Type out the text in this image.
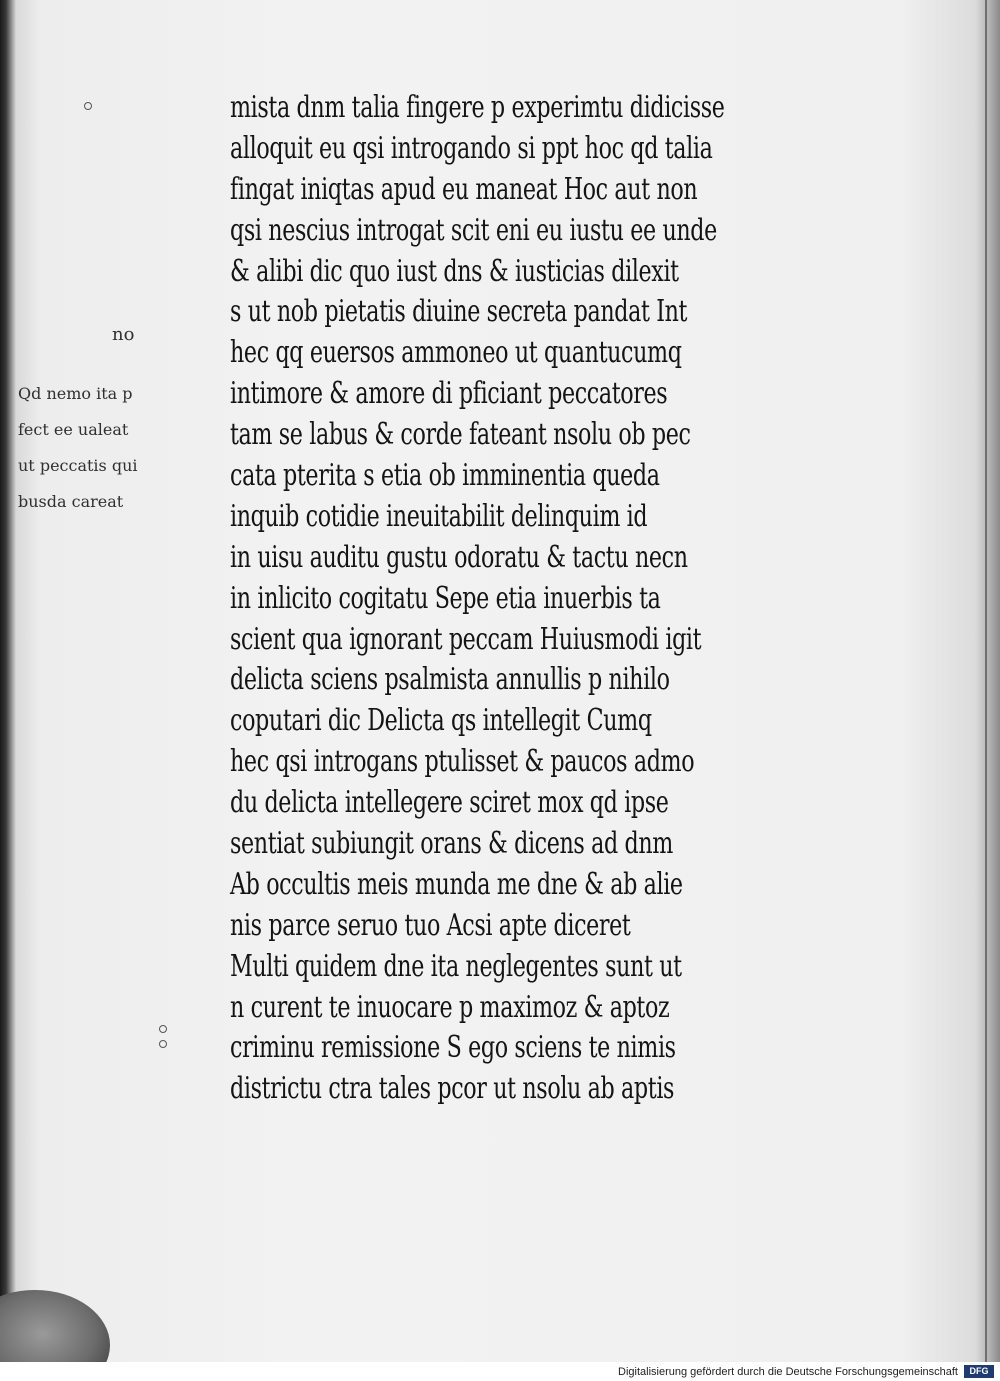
no
Qd nemo ita p
fect ee ualeat
ut peccatis qui
busda careat
mista dnm talia fingere p experimtu didicisse
alloquit eu qsi introgando si ppt hoc qd talia
fingat iniqtas apud eu maneat Hoc aut non
qsi nescius introgat scit eni eu iustu ee unde
& alibi dic quo iust dns & iusticias dilexit
s ut nob pietatis diuine secreta pandat Int
hec qq euersos ammoneo ut quantucumq
intimore & amore di pficiant peccatores
tam se labus & corde fateant nsolu ob pec
cata pterita s etia ob imminentia queda
inquib cotidie ineuitabilit delinquim id
in uisu auditu gustu odoratu & tactu necn
in inlicito cogitatu Sepe etia inuerbis ta
scient qua ignorant peccam Huiusmodi igit
delicta sciens psalmista annullis p nihilo
coputari dic Delicta qs intellegit Cumq
hec qsi introgans ptulisset & paucos admo
du delicta intellegere sciret mox qd ipse
sentiat subiungit orans & dicens ad dnm
Ab occultis meis munda me dne & ab alie
nis parce seruo tuo Acsi apte diceret
Multi quidem dne ita neglegentes sunt ut
n curent te inuocare p maximoz & aptoz
criminu remissione S ego sciens te nimis
districtu ctra tales pcor ut nsolu ab aptis
Digitalisierung gefördert durch die Deutsche Forschungsgemeinschaft	DFG
